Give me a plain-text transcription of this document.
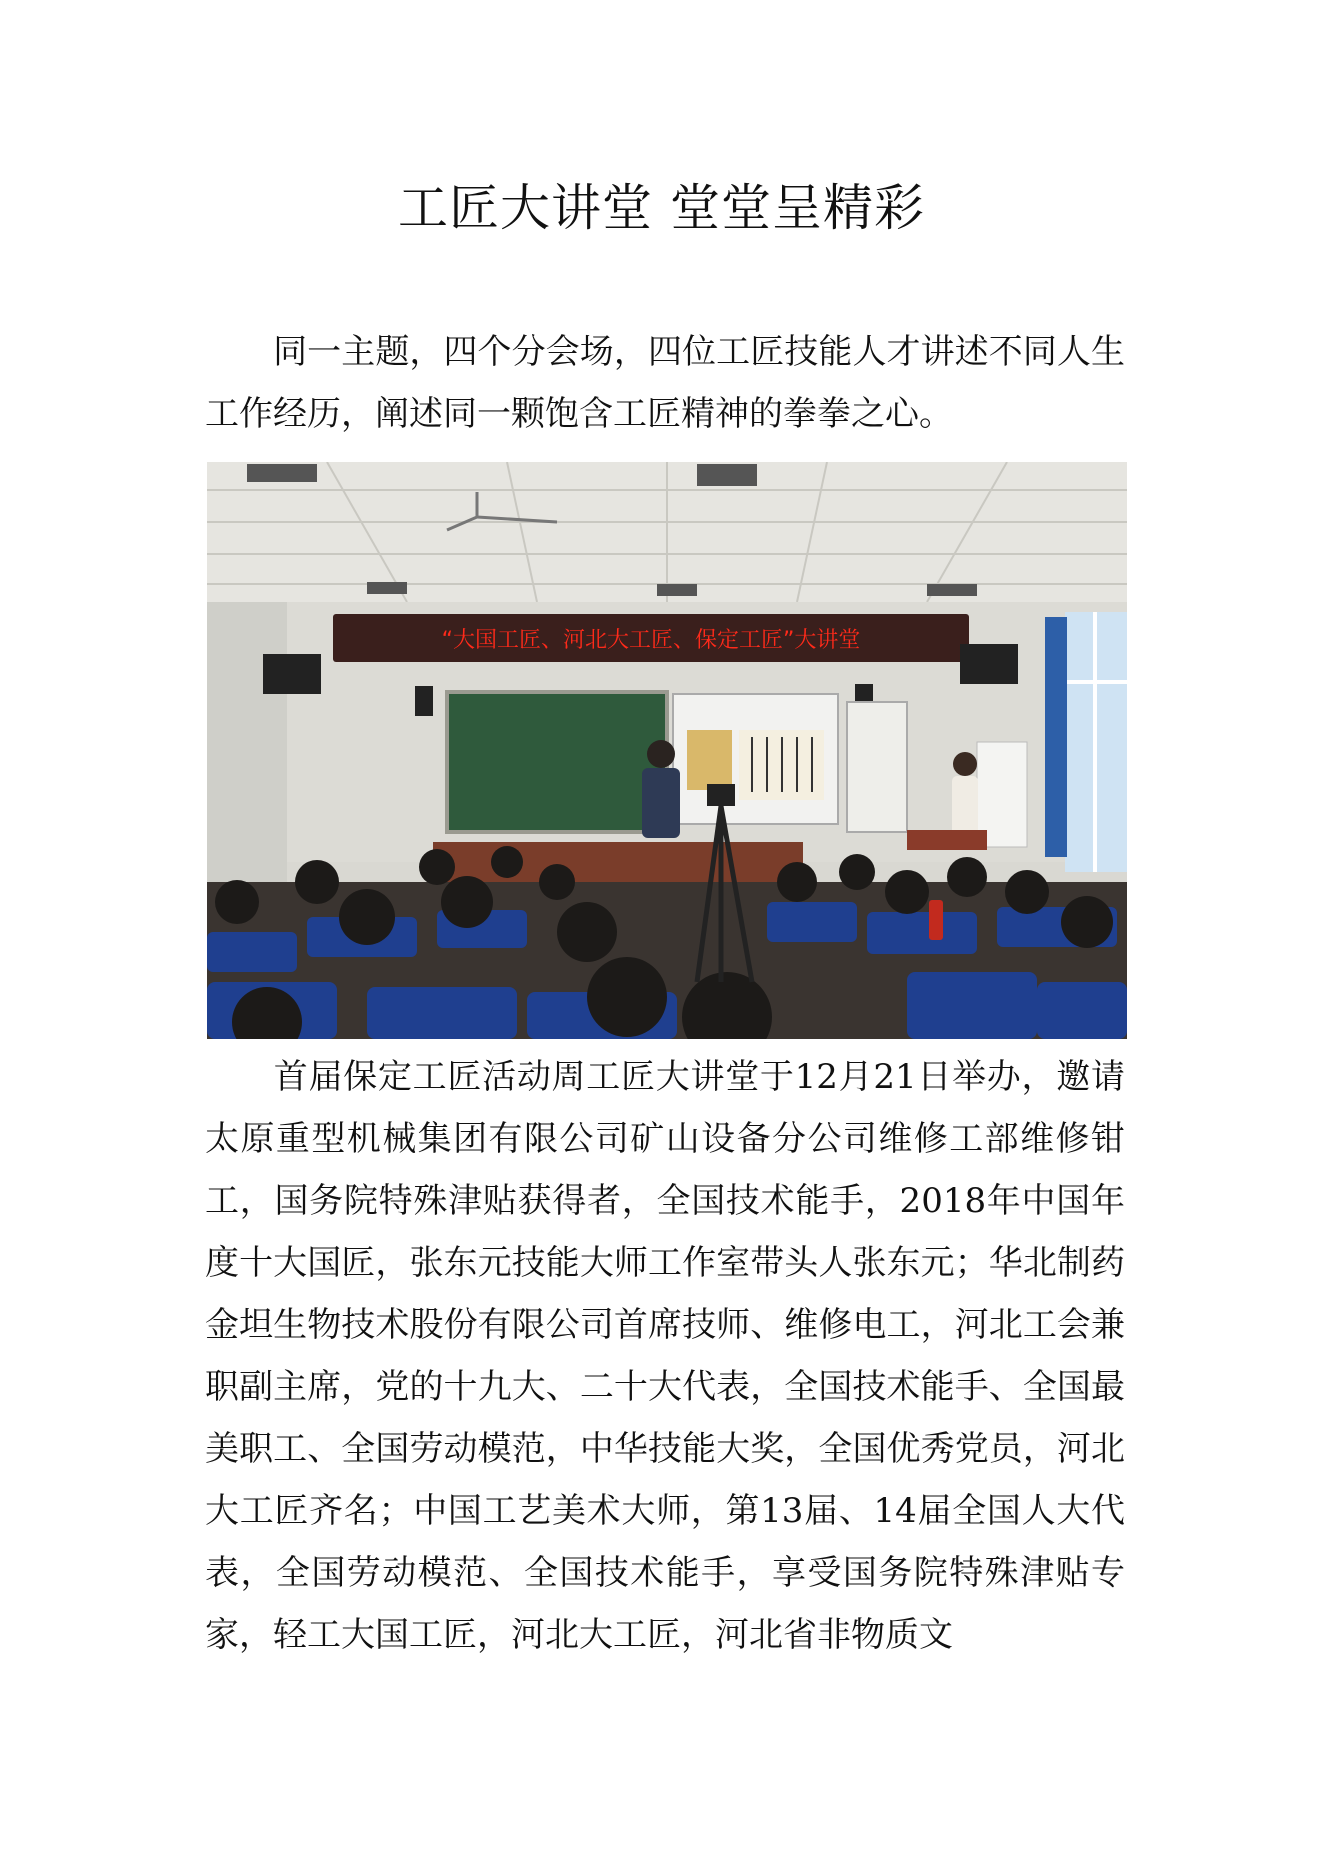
工匠大讲堂 堂堂呈精彩

同一主题，四个分会场，四位工匠技能人才讲述不同人生工作经历，阐述同一颗饱含工匠精神的拳拳之心。

“大国工匠、河北大工匠、保定工匠”大讲堂

首届保定工匠活动周工匠大讲堂于12月21日举办，邀请太原重型机械集团有限公司矿山设备分公司维修工部维修钳工，国务院特殊津贴获得者，全国技术能手，2018年中国年度十大国匠，张东元技能大师工作室带头人张东元；华北制药金坦生物技术股份有限公司首席技师、维修电工，河北工会兼职副主席，党的十九大、二十大代表，全国技术能手、全国最美职工、全国劳动模范，中华技能大奖，全国优秀党员，河北大工匠齐名；中国工艺美术大师，第13届、14届全国人大代表，全国劳动模范、全国技术能手，享受国务院特殊津贴专家，轻工大国工匠，河北大工匠，河北省非物质文
